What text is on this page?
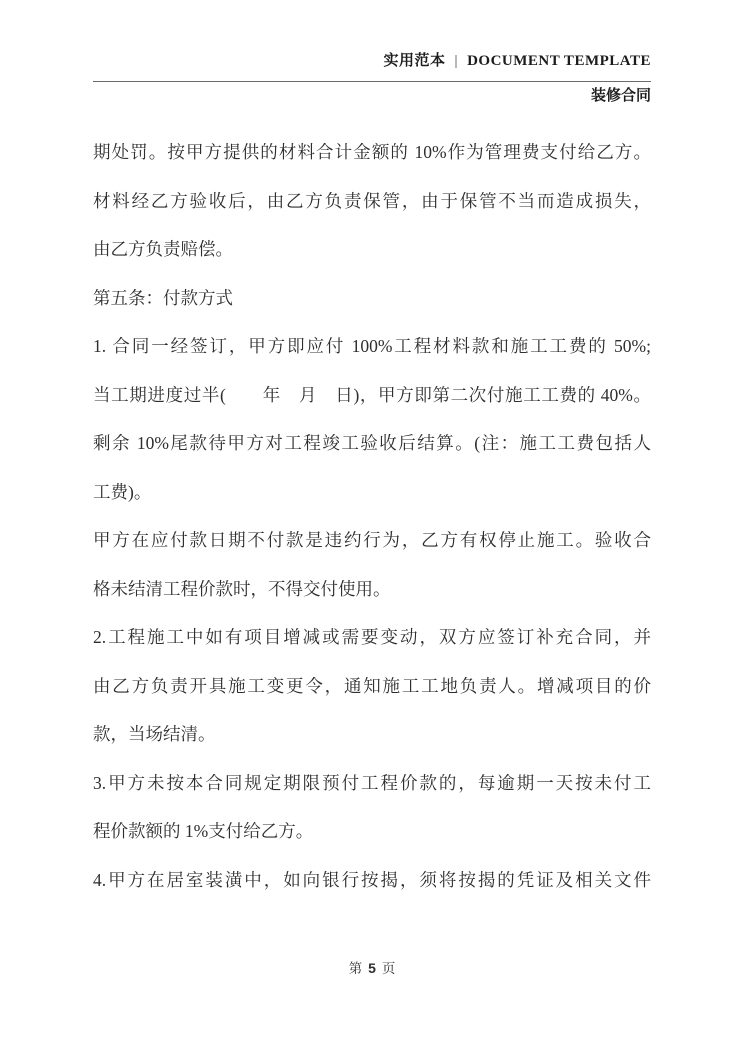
实用范本 | DOCUMENT TEMPLATE
装修合同
期处罚。按甲方提供的材料合计金额的 10%作为管理费支付给乙方。
材料经乙方验收后，由乙方负责保管，由于保管不当而造成损失，
由乙方负责赔偿。
第五条：付款方式
1. 合同一经签订，甲方即应付 100%工程材料款和施工工费的 50%;
当工期进度过半(　　年　月　日)，甲方即第二次付施工工费的 40%。
剩余 10%尾款待甲方对工程竣工验收后结算。(注：施工工费包括人
工费)。
甲方在应付款日期不付款是违约行为，乙方有权停止施工。验收合
格未结清工程价款时，不得交付使用。
2.工程施工中如有项目增减或需要变动，双方应签订补充合同，并
由乙方负责开具施工变更令，通知施工工地负责人。增减项目的价
款，当场结清。
3.甲方未按本合同规定期限预付工程价款的，每逾期一天按未付工
程价款额的 1%支付给乙方。
4.甲方在居室装潢中，如向银行按揭，须将按揭的凭证及相关文件
第 5 页
